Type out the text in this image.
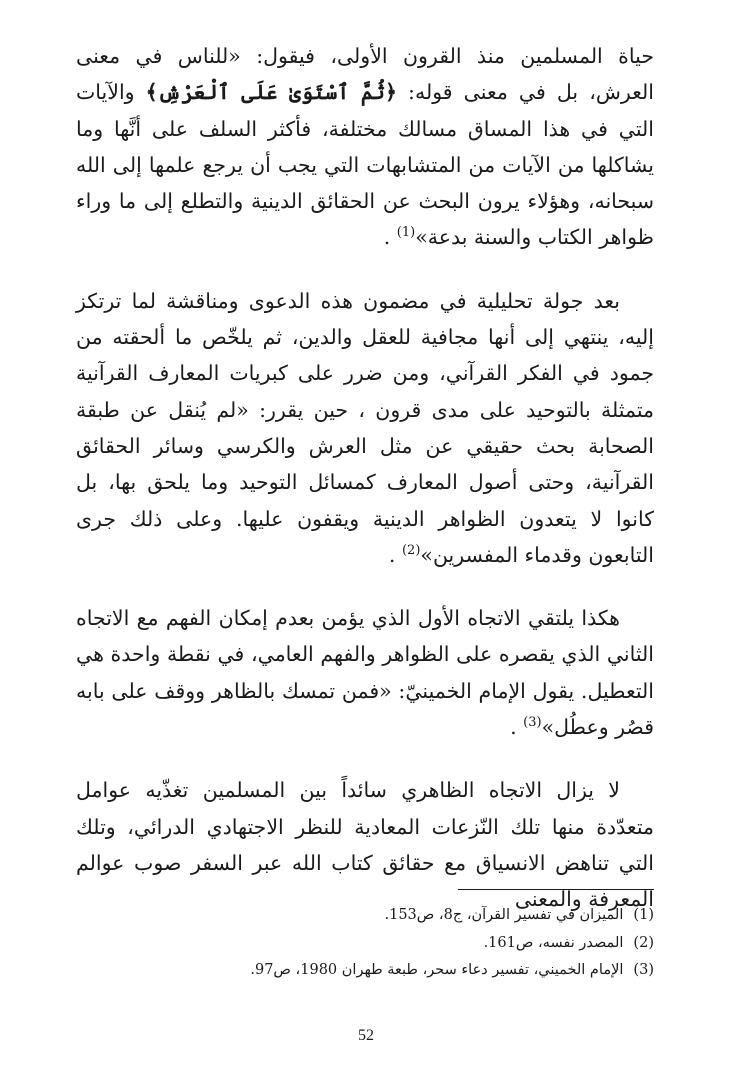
حياة المسلمين منذ القرون الأولى، فيقول: «للناس في معنى العرش، بل في معنى قوله: ﴿ثُمَّ ٱسْتَوَىٰ عَلَى ٱلْعَرْشِ﴾ والآيات التي في هذا المساق مسالك مختلفة، فأكثر السلف على أنَّها وما يشاكلها من الآيات من المتشابهات التي يجب أن يرجع علمها إلى الله سبحانه، وهؤلاء يرون البحث عن الحقائق الدينية والتطلع إلى ما وراء ظواهر الكتاب والسنة بدعة»$^{(1)}$ .

بعد جولة تحليلية في مضمون هذه الدعوى ومناقشة لما ترتكز إليه، ينتهي إلى أنها مجافية للعقل والدين، ثم يلخّص ما ألحقته من جمود في الفكر القرآني، ومن ضرر على كبريات المعارف القرآنية متمثلة بالتوحيد على مدى قرون ، حين يقرر: «لم يُنقل عن طبقة الصحابة بحث حقيقي عن مثل العرش والكرسي وسائر الحقائق القرآنية، وحتى أصول المعارف كمسائل التوحيد وما يلحق بها، بل كانوا لا يتعدون الظواهر الدينية ويقفون عليها. وعلى ذلك جرى التابعون وقدماء المفسرين»$^{(2)}$ .

هكذا يلتقي الاتجاه الأول الذي يؤمن بعدم إمكان الفهم مع الاتجاه الثاني الذي يقصره على الظواهر والفهم العامي، في نقطة واحدة هي التعطيل. يقول الإمام الخمينيّ: «فمن تمسك بالظاهر ووقف على بابه قصُر وعطُل»$^{(3)}$ .

لا يزال الاتجاه الظاهري سائداً بين المسلمين تغذّيه عوامل متعدّدة منها تلك النّزعات المعادية للنظر الاجتهادي الدرائي، وتلك التي تناهض الانسياق مع حقائق كتاب الله عبر السفر صوب عوالم المعرفة والمعنى

(1) الميزان في تفسير القرآن، ج8، ص153.
(2) المصدر نفسه، ص161.
(3) الإمام الخميني، تفسير دعاء سحر، طبعة طهران 1980، ص97.
52
